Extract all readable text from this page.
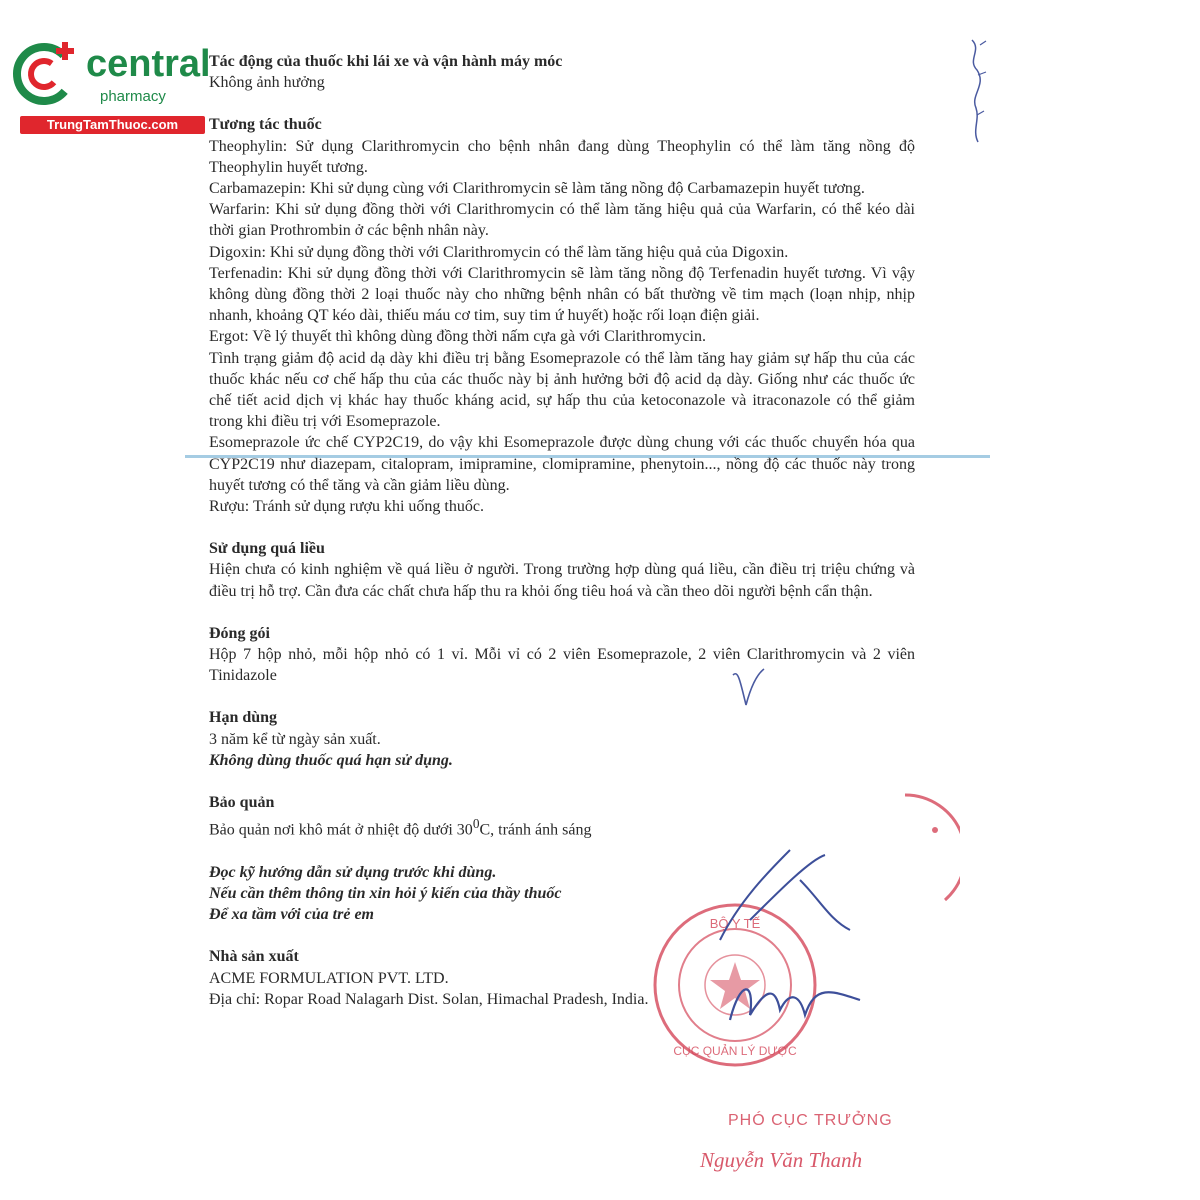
central
pharmacy
TrungTamThuoc.com

Tác động của thuốc khi lái xe và vận hành máy móc

Không ảnh hưởng

Tương tác thuốc

Theophylin: Sử dụng Clarithromycin cho bệnh nhân đang dùng Theophylin có thể làm tăng nồng độ Theophylin huyết tương.

Carbamazepin: Khi sử dụng cùng với Clarithromycin sẽ làm tăng nồng độ Carbamazepin huyết tương.

Warfarin: Khi sử dụng đồng thời với Clarithromycin có thể làm tăng hiệu quả của Warfarin, có thể kéo dài thời gian Prothrombin ở các bệnh nhân này.

Digoxin: Khi sử dụng đồng thời với Clarithromycin có thể làm tăng hiệu quả của Digoxin.

Terfenadin: Khi sử dụng đồng thời với Clarithromycin sẽ làm tăng nồng độ Terfenadin huyết tương. Vì vậy không dùng đồng thời 2 loại thuốc này cho những bệnh nhân có bất thường về tim mạch (loạn nhịp, nhịp nhanh, khoảng QT kéo dài, thiếu máu cơ tim, suy tim ứ huyết) hoặc rối loạn điện giải.

Ergot: Về lý thuyết thì không dùng đồng thời nấm cựa gà với Clarithromycin.

Tình trạng giảm độ acid dạ dày khi điều trị bằng Esomeprazole có thể làm tăng hay giảm sự hấp thu của các thuốc khác nếu cơ chế hấp thu của các thuốc này bị ảnh hưởng bởi độ acid dạ dày. Giống như các thuốc ức chế tiết acid dịch vị khác hay thuốc kháng acid, sự hấp thu của ketoconazole và itraconazole có thể giảm trong khi điều trị với Esomeprazole.

Esomeprazole ức chế CYP2C19, do vậy khi Esomeprazole được dùng chung với các thuốc chuyển hóa qua CYP2C19 như diazepam, citalopram, imipramine, clomipramine, phenytoin..., nồng độ các thuốc này trong huyết tương có thể tăng và cần giảm liều dùng.

Rượu: Tránh sử dụng rượu khi uống thuốc.

Sử dụng quá liều

Hiện chưa có kinh nghiệm về quá liều ở người. Trong trường hợp dùng quá liều, cần điều trị triệu chứng và điều trị hỗ trợ. Cần đưa các chất chưa hấp thu ra khỏi ống tiêu hoá và cần theo dõi người bệnh cẩn thận.

Đóng gói

Hộp 7 hộp nhỏ, mỗi hộp nhỏ có 1 vỉ. Mỗi vỉ có 2 viên Esomeprazole, 2 viên Clarithromycin và 2 viên Tinidazole

Hạn dùng

3 năm kể từ ngày sản xuất.

Không dùng thuốc quá hạn sử dụng.

Bảo quản

Bảo quản nơi khô mát ở nhiệt độ dưới $30^0C$, tránh ánh sáng

Đọc kỹ hướng dẫn sử dụng trước khi dùng.

Nếu cần thêm thông tin xin hỏi ý kiến của thầy thuốc

Để xa tầm với của trẻ em

Nhà sản xuất

ACME FORMULATION PVT. LTD.

Địa chỉ: Ropar Road Nalagarh Dist. Solan, Himachal Pradesh, India.

BỘ Y TẾ
CỤC QUẢN LÝ DƯỢC
PHÓ CỤC TRƯỞNG
Nguyễn Văn Thanh
